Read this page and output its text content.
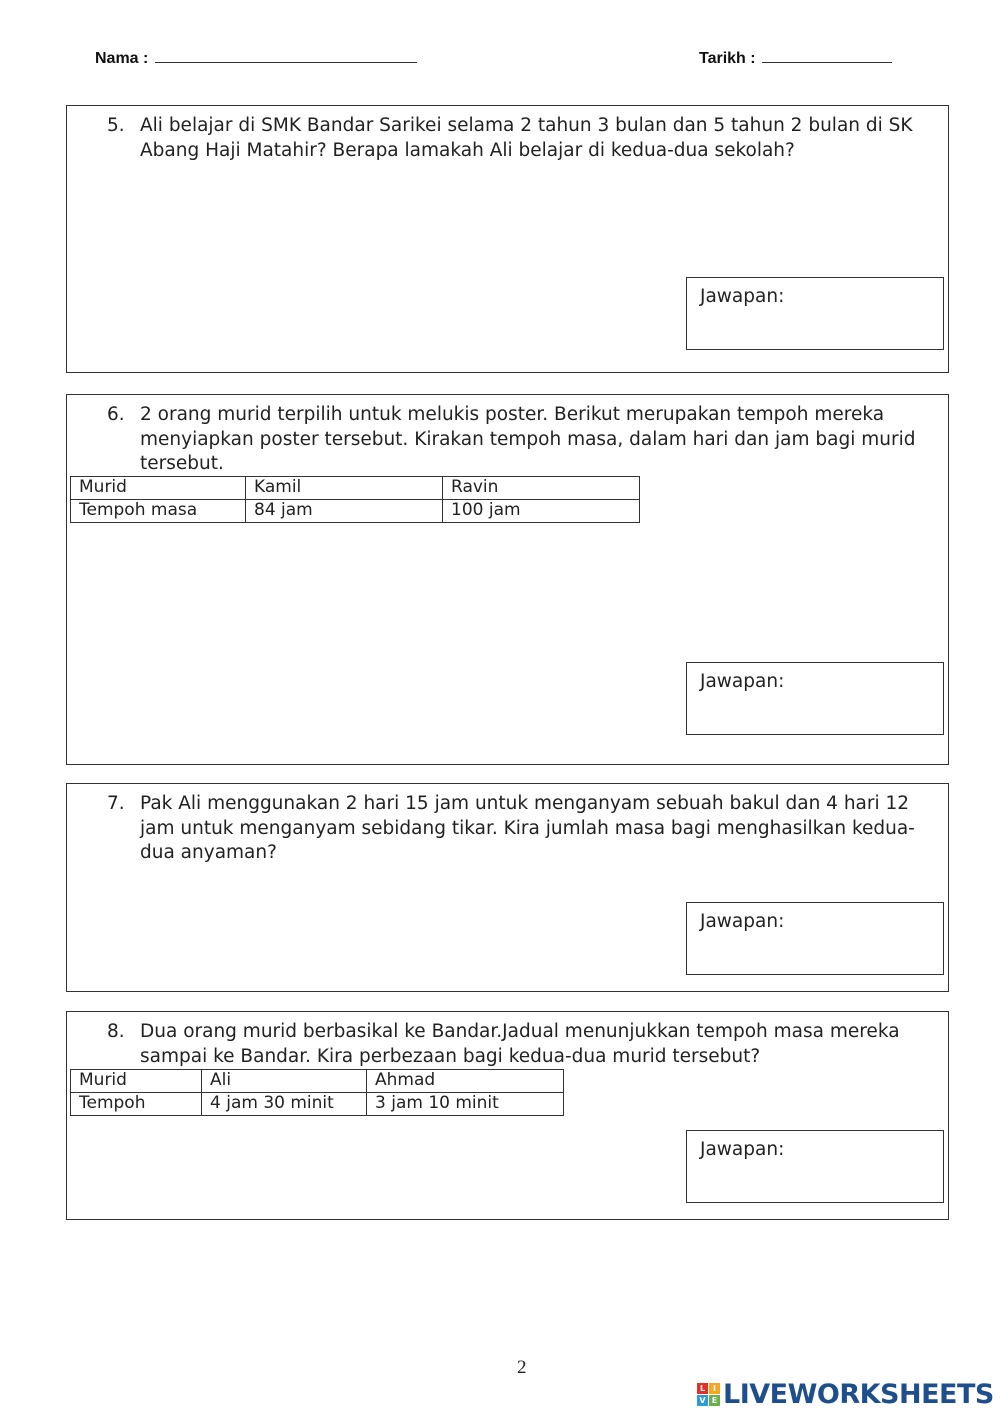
Nama :	Tarikh :
5. Ali belajar di SMK Bandar Sarikei selama 2 tahun 3 bulan dan 5 tahun 2 bulan di SK Abang Haji Matahir? Berapa lamakah Ali belajar di kedua-dua sekolah?
Jawapan:
6. 2 orang murid terpilih untuk melukis poster. Berikut merupakan tempoh mereka menyiapkan poster tersebut. Kirakan tempoh masa, dalam hari dan jam bagi murid tersebut.
Murid	Kamil	Ravin
Tempoh masa	84 jam	100 jam
Jawapan:
7. Pak Ali menggunakan 2 hari 15 jam untuk menganyam sebuah bakul dan 4 hari 12 jam untuk menganyam sebidang tikar. Kira jumlah masa bagi menghasilkan kedua-dua anyaman?
Jawapan:
8. Dua orang murid berbasikal ke Bandar.Jadual menunjukkan tempoh masa mereka sampai ke Bandar. Kira perbezaan bagi kedua-dua murid tersebut?
Murid	Ali	Ahmad
Tempoh	4 jam 30 minit	3 jam 10 minit
Jawapan:
2
L I
V E LIVEWORKSHEETS
